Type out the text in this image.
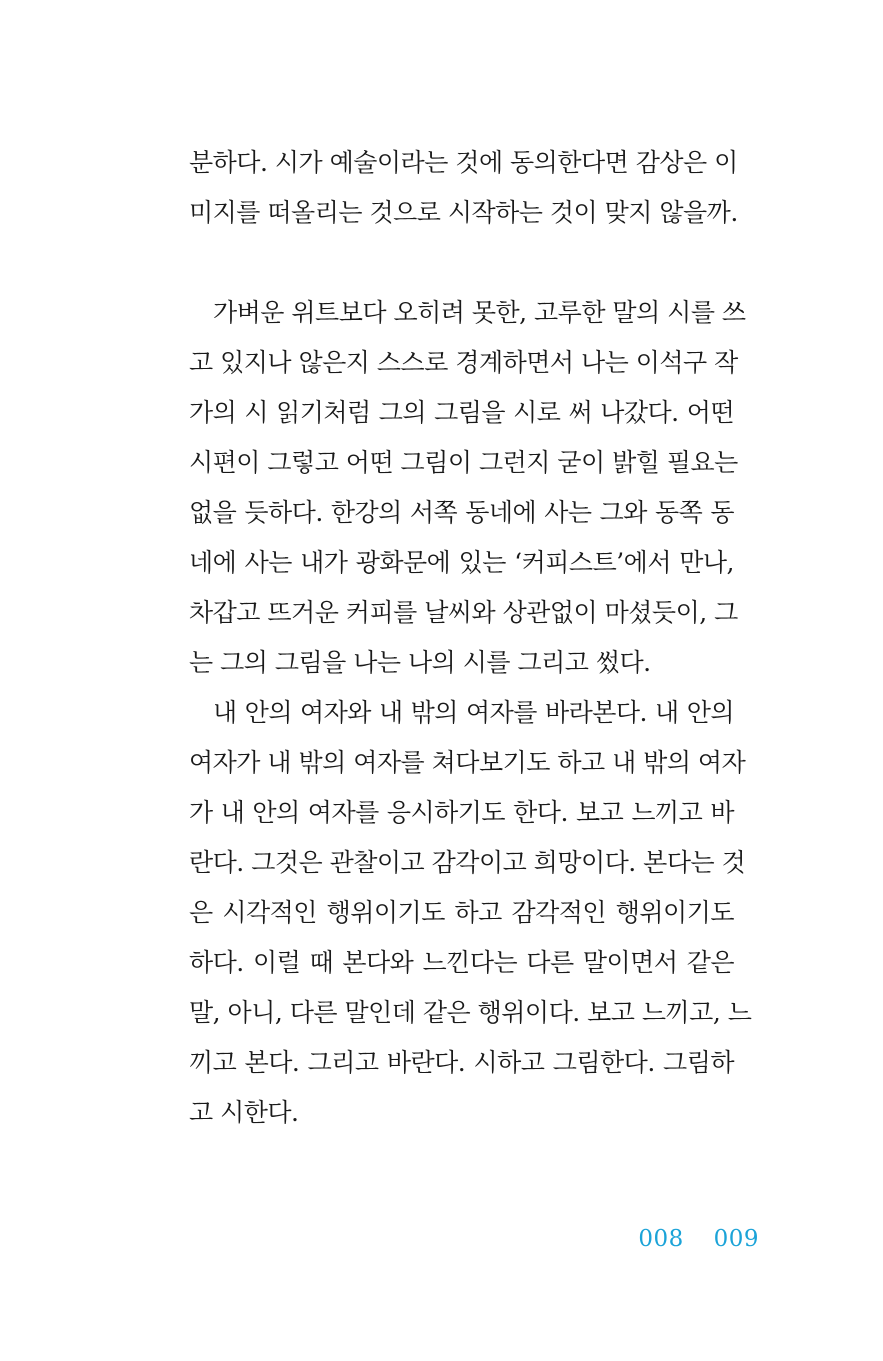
분하다. 시가 예술이라는 것에 동의한다면 감상은 이
미지를 떠올리는 것으로 시작하는 것이 맞지 않을까.
가벼운 위트보다 오히려 못한, 고루한 말의 시를 쓰
고 있지나 않은지 스스로 경계하면서 나는 이석구 작
가의 시 읽기처럼 그의 그림을 시로 써 나갔다. 어떤
시편이 그렇고 어떤 그림이 그런지 굳이 밝힐 필요는
없을 듯하다. 한강의 서쪽 동네에 사는 그와 동쪽 동
네에 사는 내가 광화문에 있는 ‘커피스트’에서 만나,
차갑고 뜨거운 커피를 날씨와 상관없이 마셨듯이, 그
는 그의 그림을 나는 나의 시를 그리고 썼다.
내 안의 여자와 내 밖의 여자를 바라본다. 내 안의
여자가 내 밖의 여자를 쳐다보기도 하고 내 밖의 여자
가 내 안의 여자를 응시하기도 한다. 보고 느끼고 바
란다. 그것은 관찰이고 감각이고 희망이다. 본다는 것
은 시각적인 행위이기도 하고 감각적인 행위이기도
하다. 이럴 때 본다와 느낀다는 다른 말이면서 같은
말, 아니, 다른 말인데 같은 행위이다. 보고 느끼고, 느
끼고 본다. 그리고 바란다. 시하고 그림한다. 그림하
고 시한다.
008 009
